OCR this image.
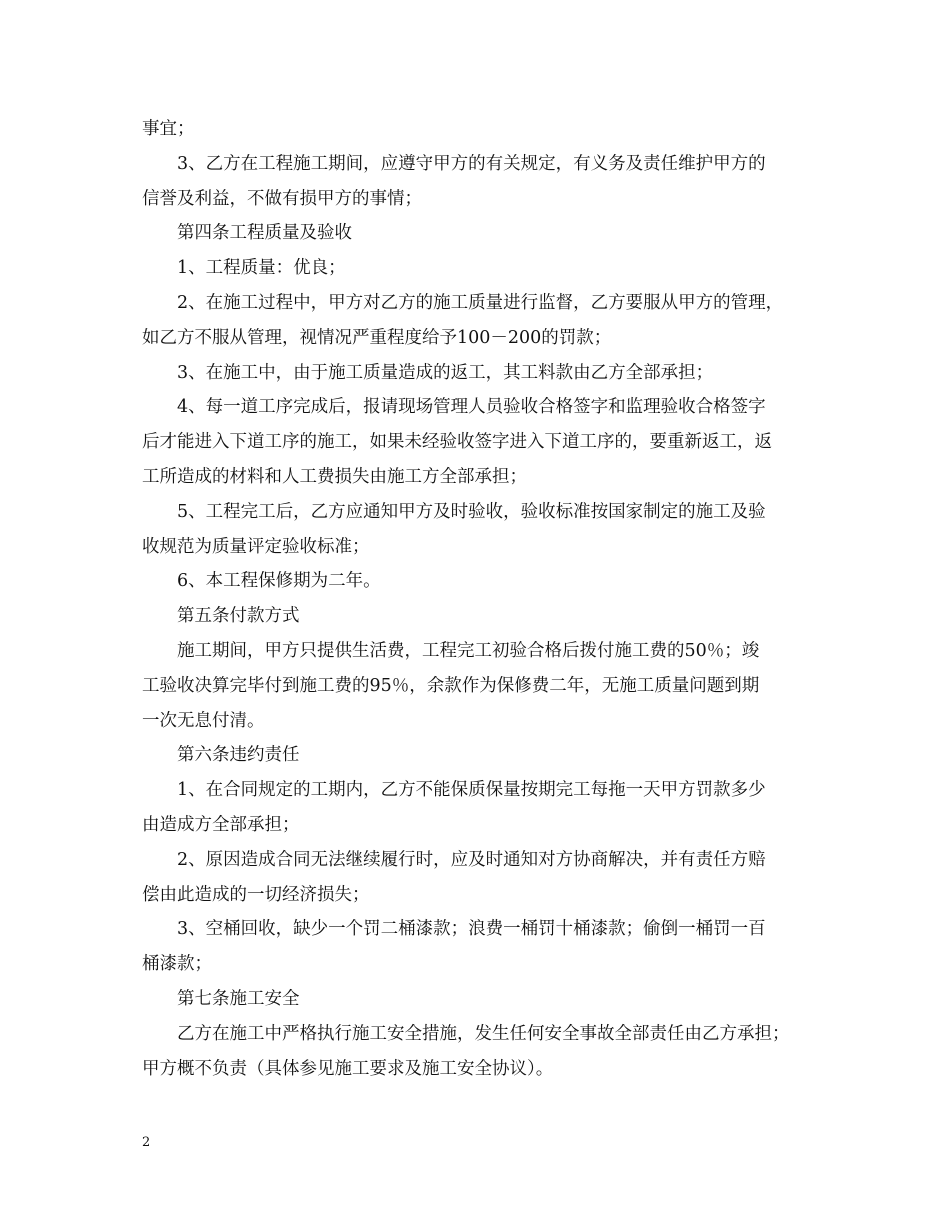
事宜；
3、乙方在工程施工期间，应遵守甲方的有关规定，有义务及责任维护甲方的
信誉及利益，不做有损甲方的事情；
第四条工程质量及验收
1、工程质量：优良；
2、在施工过程中，甲方对乙方的施工质量进行监督，乙方要服从甲方的管理，
如乙方不服从管理，视情况严重程度给予100－200的罚款；
3、在施工中，由于施工质量造成的返工，其工料款由乙方全部承担；
4、每一道工序完成后，报请现场管理人员验收合格签字和监理验收合格签字
后才能进入下道工序的施工，如果未经验收签字进入下道工序的，要重新返工，返
工所造成的材料和人工费损失由施工方全部承担；
5、工程完工后，乙方应通知甲方及时验收，验收标准按国家制定的施工及验
收规范为质量评定验收标准；
6、本工程保修期为二年。
第五条付款方式
施工期间，甲方只提供生活费，工程完工初验合格后拨付施工费的50％；竣
工验收决算完毕付到施工费的95％，余款作为保修费二年，无施工质量问题到期
一次无息付清。
第六条违约责任
1、在合同规定的工期内，乙方不能保质保量按期完工每拖一天甲方罚款多少
由造成方全部承担；
2、原因造成合同无法继续履行时，应及时通知对方协商解决，并有责任方赔
偿由此造成的一切经济损失；
3、空桶回收，缺少一个罚二桶漆款；浪费一桶罚十桶漆款；偷倒一桶罚一百
桶漆款；
第七条施工安全
乙方在施工中严格执行施工安全措施，发生任何安全事故全部责任由乙方承担；
甲方概不负责（具体参见施工要求及施工安全协议）。
2
